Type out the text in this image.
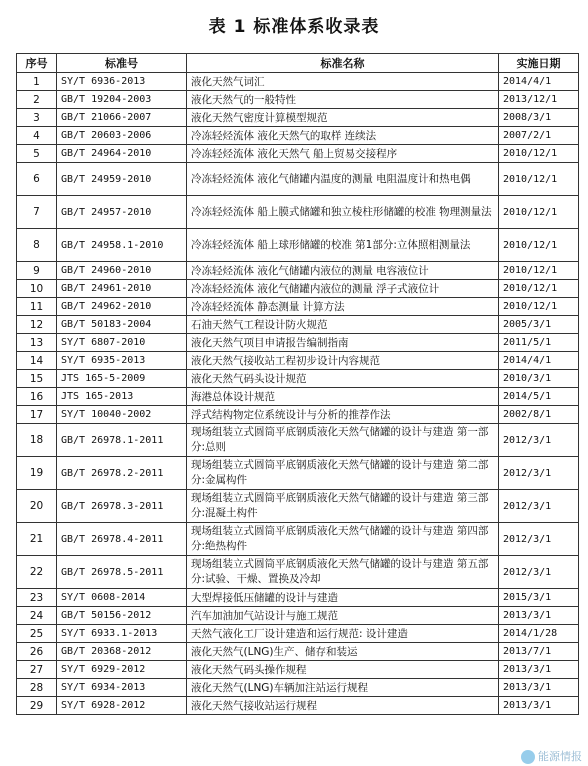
表 1 标准体系收录表
序号	标准号	标准名称	实施日期
1	SY/T 6936-2013	液化天然气词汇	2014/4/1
2	GB/T 19204-2003	液化天然气的一般特性	2013/12/1
3	GB/T 21066-2007	液化天然气密度计算模型规范	2008/3/1
4	GB/T 20603-2006	冷冻轻烃流体 液化天然气的取样 连续法	2007/2/1
5	GB/T 24964-2010	冷冻轻烃流体 液化天然气 船上贸易交接程序	2010/12/1
6	GB/T 24959-2010	冷冻轻烃流体 液化气储罐内温度的测量 电阻温度计和热电偶	2010/12/1
7	GB/T 24957-2010	冷冻轻烃流体 船上膜式储罐和独立棱柱形储罐的校准 物理测量法	2010/12/1
8	GB/T 24958.1-2010	冷冻轻烃流体 船上球形储罐的校准 第1部分:立体照相测量法	2010/12/1
9	GB/T 24960-2010	冷冻轻烃流体 液化气储罐内液位的测量 电容液位计	2010/12/1
10	GB/T 24961-2010	冷冻轻烃流体 液化气储罐内液位的测量 浮子式液位计	2010/12/1
11	GB/T 24962-2010	冷冻轻烃流体 静态测量 计算方法	2010/12/1
12	GB/T 50183-2004	石油天然气工程设计防火规范	2005/3/1
13	SY/T 6807-2010	液化天然气项目申请报告编制指南	2011/5/1
14	SY/T 6935-2013	液化天然气接收站工程初步设计内容规范	2014/4/1
15	JTS 165-5-2009	液化天然气码头设计规范	2010/3/1
16	JTS 165-2013	海港总体设计规范	2014/5/1
17	SY/T 10040-2002	浮式结构物定位系统设计与分析的推荐作法	2002/8/1
18	GB/T 26978.1-2011	现场组装立式圆筒平底钢质液化天然气储罐的设计与建造 第一部分:总则	2012/3/1
19	GB/T 26978.2-2011	现场组装立式圆筒平底钢质液化天然气储罐的设计与建造 第二部分:金属构件	2012/3/1
20	GB/T 26978.3-2011	现场组装立式圆筒平底钢质液化天然气储罐的设计与建造 第三部分:混凝土构件	2012/3/1
21	GB/T 26978.4-2011	现场组装立式圆筒平底钢质液化天然气储罐的设计与建造 第四部分:绝热构件	2012/3/1
22	GB/T 26978.5-2011	现场组装立式圆筒平底钢质液化天然气储罐的设计与建造 第五部分:试验、干燥、置换及冷却	2012/3/1
23	SY/T 0608-2014	大型焊接低压储罐的设计与建造	2015/3/1
24	GB/T 50156-2012	汽车加油加气站设计与施工规范	2013/3/1
25	SY/T 6933.1-2013	天然气液化工厂设计建造和运行规范: 设计建造	2014/1/28
26	GB/T 20368-2012	液化天然气(LNG)生产、储存和装运	2013/7/1
27	SY/T 6929-2012	液化天然气码头操作规程	2013/3/1
28	SY/T 6934-2013	液化天然气(LNG)车辆加注站运行规程	2013/3/1
29	SY/T 6928-2012	液化天然气接收站运行规程	2013/3/1
能源情报
